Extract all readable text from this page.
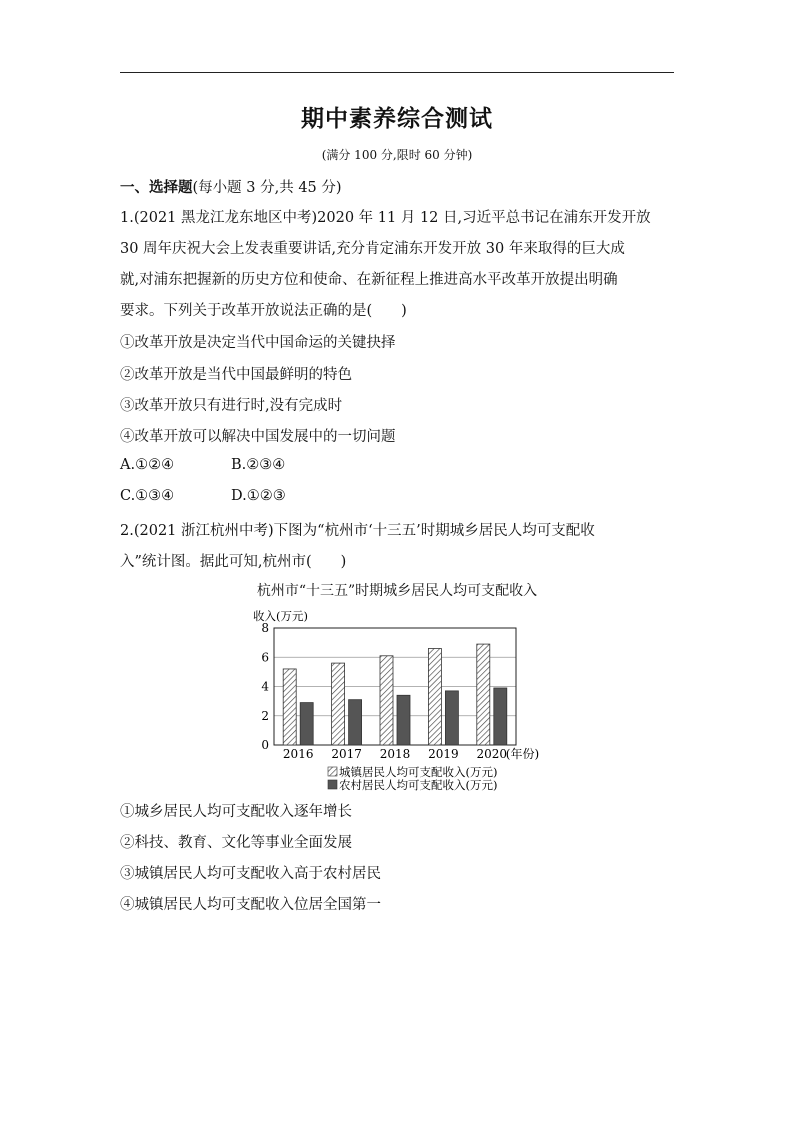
期中素养综合测试
(满分 100 分,限时 60 分钟)
一、选择题(每小题 3 分,共 45 分)
1.(2021 黑龙江龙东地区中考)2020 年 11 月 12 日,习近平总书记在浦东开发开放
30 周年庆祝大会上发表重要讲话,充分肯定浦东开发开放 30 年来取得的巨大成
就,对浦东把握新的历史方位和使命、在新征程上推进高水平改革开放提出明确
要求。下列关于改革开放说法正确的是(　　)
①改革开放是决定当代中国命运的关键抉择
②改革开放是当代中国最鲜明的特色
③改革开放只有进行时,没有完成时
④改革开放可以解决中国发展中的一切问题
A.①②④	B.②③④
C.①③④	D.①②③
2.(2021 浙江杭州中考)下图为“杭州市‘十三五’时期城乡居民人均可支配收
入”统计图。据此可知,杭州市(　　)
杭州市“十三五”时期城乡居民人均可支配收入
收入(万元)
0
2
4
6
8
2016 2017 2018 2019 2020
(年份)
城镇居民人均可支配收入(万元)
农村居民人均可支配收入(万元)
①城乡居民人均可支配收入逐年增长
②科技、教育、文化等事业全面发展
③城镇居民人均可支配收入高于农村居民
④城镇居民人均可支配收入位居全国第一
